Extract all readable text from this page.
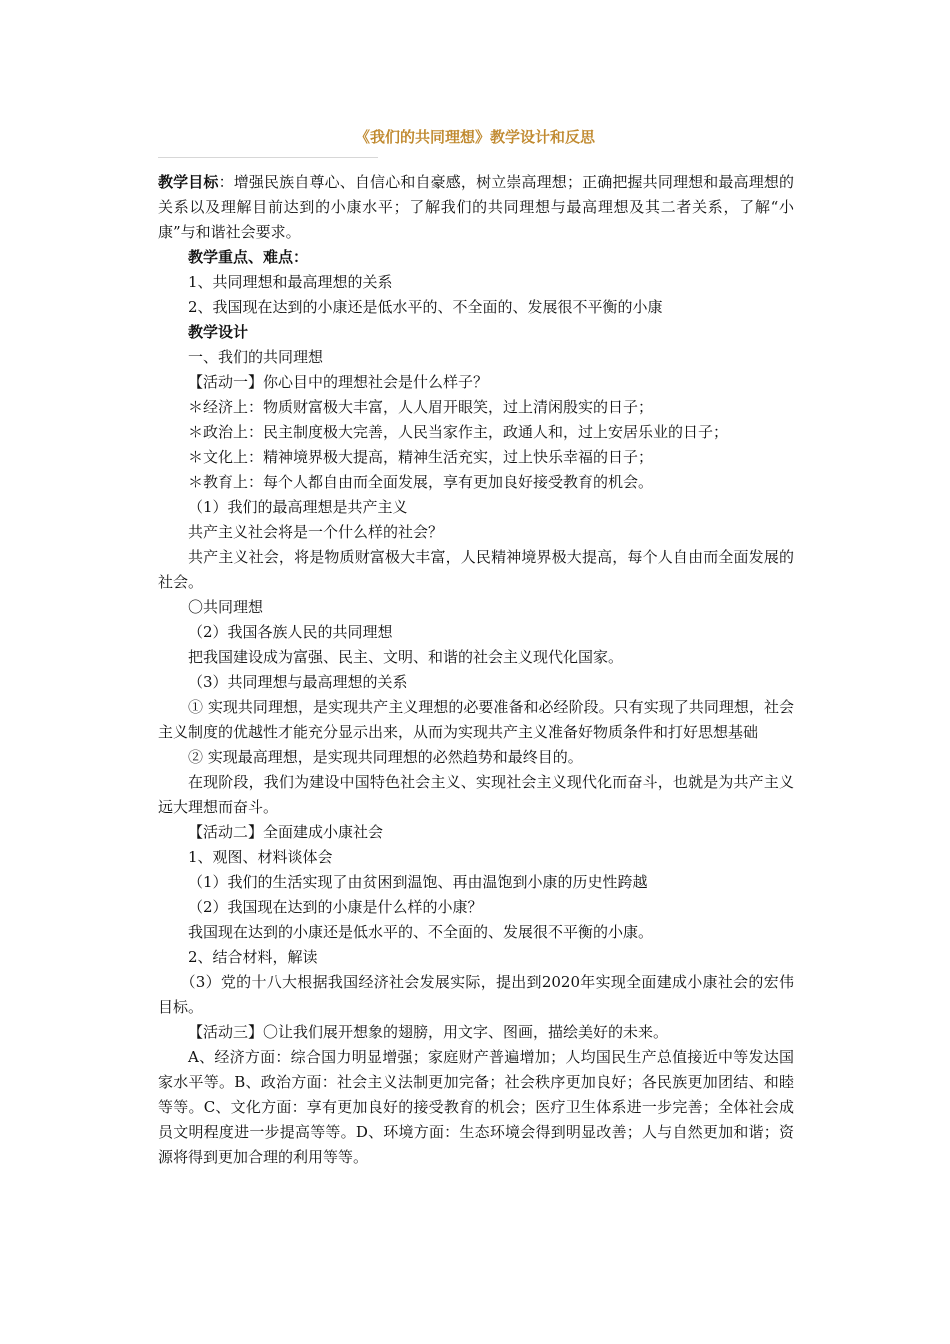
《我们的共同理想》教学设计和反思

教学目标：增强民族自尊心、自信心和自豪感，树立崇高理想；正确把握共同理想和最高理想的关系以及理解目前达到的小康水平；了解我们的共同理想与最高理想及其二者关系，了解“小康”与和谐社会要求。

教学重点、难点：

1、共同理想和最高理想的关系

2、我国现在达到的小康还是低水平的、不全面的、发展很不平衡的小康

教学设计

一、我们的共同理想

【活动一】你心目中的理想社会是什么样子？

＊经济上：物质财富极大丰富，人人眉开眼笑，过上清闲殷实的日子；

＊政治上：民主制度极大完善，人民当家作主，政通人和，过上安居乐业的日子；

＊文化上：精神境界极大提高，精神生活充实，过上快乐幸福的日子；

＊教育上：每个人都自由而全面发展，享有更加良好接受教育的机会。

（1）我们的最高理想是共产主义

共产主义社会将是一个什么样的社会？

共产主义社会，将是物质财富极大丰富，人民精神境界极大提高，每个人自由而全面发展的社会。

〇共同理想

（2）我国各族人民的共同理想

把我国建设成为富强、民主、文明、和谐的社会主义现代化国家。

（3）共同理想与最高理想的关系

① 实现共同理想，是实现共产主义理想的必要准备和必经阶段。只有实现了共同理想，社会主义制度的优越性才能充分显示出来，从而为实现共产主义准备好物质条件和打好思想基础

② 实现最高理想，是实现共同理想的必然趋势和最终目的。

在现阶段，我们为建设中国特色社会主义、实现社会主义现代化而奋斗，也就是为共产主义远大理想而奋斗。

【活动二】全面建成小康社会

1、观图、材料谈体会

（1）我们的生活实现了由贫困到温饱、再由温饱到小康的历史性跨越

（2）我国现在达到的小康是什么样的小康？

我国现在达到的小康还是低水平的、不全面的、发展很不平衡的小康。

2、结合材料，解读

（3）党的十八大根据我国经济社会发展实际，提出到2020年实现全面建成小康社会的宏伟目标。

【活动三】〇让我们展开想象的翅膀，用文字、图画，描绘美好的未来。

A、经济方面：综合国力明显增强；家庭财产普遍增加；人均国民生产总值接近中等发达国家水平等。B、政治方面：社会主义法制更加完备；社会秩序更加良好；各民族更加团结、和睦等等。C、文化方面：享有更加良好的接受教育的机会；医疗卫生体系进一步完善；全体社会成员文明程度进一步提高等等。D、环境方面：生态环境会得到明显改善；人与自然更加和谐；资源将得到更加合理的利用等等。
